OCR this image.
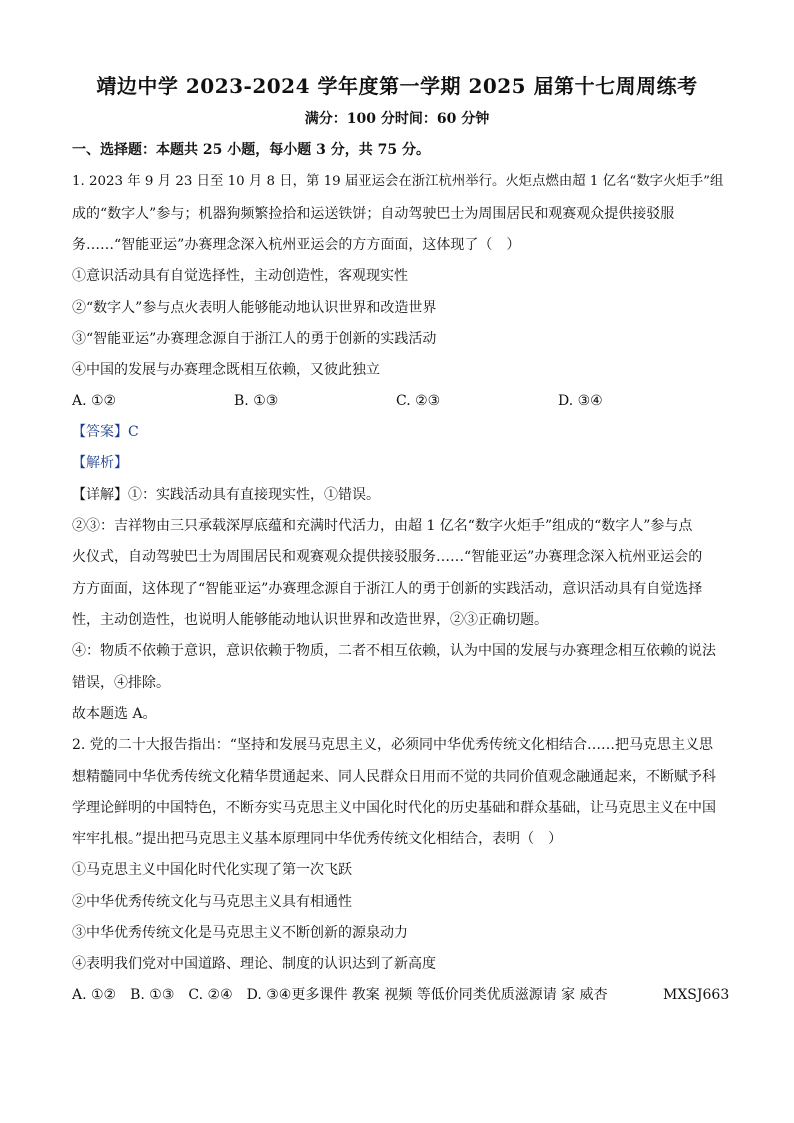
靖边中学 2023-2024 学年度第一学期 2025 届第十七周周练考
满分：100 分时间：60 分钟
一、选择题：本题共 25 小题，每小题 3 分，共 75 分。
1. 2023 年 9 月 23 日至 10 月 8 日，第 19 届亚运会在浙江杭州举行。火炬点燃由超 1 亿名“数字火炬手”组
成的“数字人”参与；机器狗频繁捡拾和运送铁饼；自动驾驶巴士为周围居民和观赛观众提供接驳服
务……“智能亚运”办赛理念深入杭州亚运会的方方面面，这体现了（　）
①意识活动具有自觉选择性，主动创造性，客观现实性
②“数字人”参与点火表明人能够能动地认识世界和改造世界
③“智能亚运”办赛理念源自于浙江人的勇于创新的实践活动
④中国的发展与办赛理念既相互依赖，又彼此独立
A. ①②	B. ①③	C. ②③	D. ③④
【答案】C
【解析】
【详解】①：实践活动具有直接现实性，①错误。
②③：吉祥物由三只承载深厚底蕴和充满时代活力，由超 1 亿名“数字火炬手”组成的“数字人”参与点
火仪式，自动驾驶巴士为周围居民和观赛观众提供接驳服务……“智能亚运”办赛理念深入杭州亚运会的
方方面面，这体现了“智能亚运”办赛理念源自于浙江人的勇于创新的实践活动，意识活动具有自觉选择
性，主动创造性，也说明人能够能动地认识世界和改造世界，②③正确切题。
④：物质不依赖于意识，意识依赖于物质，二者不相互依赖，认为中国的发展与办赛理念相互依赖的说法
错误，④排除。
故本题选 A。
2. 党的二十大报告指出：“坚持和发展马克思主义，必须同中华优秀传统文化相结合……把马克思主义思
想精髓同中华优秀传统文化精华贯通起来、同人民群众日用而不觉的共同价值观念融通起来，不断赋予科
学理论鲜明的中国特色，不断夯实马克思主义中国化时代化的历史基础和群众基础，让马克思主义在中国
牢牢扎根。”提出把马克思主义基本原理同中华优秀传统文化相结合，表明（　）
①马克思主义中国化时代化实现了第一次飞跃
②中华优秀传统文化与马克思主义具有相通性
③中华优秀传统文化是马克思主义不断创新的源泉动力
④表明我们党对中国道路、理论、制度的认识达到了新高度
A. ①②　B. ①③　C. ②④　D. ③④更多课件 教案 视频 等低价同类优质滋源请 家 威杏	MXSJ663
